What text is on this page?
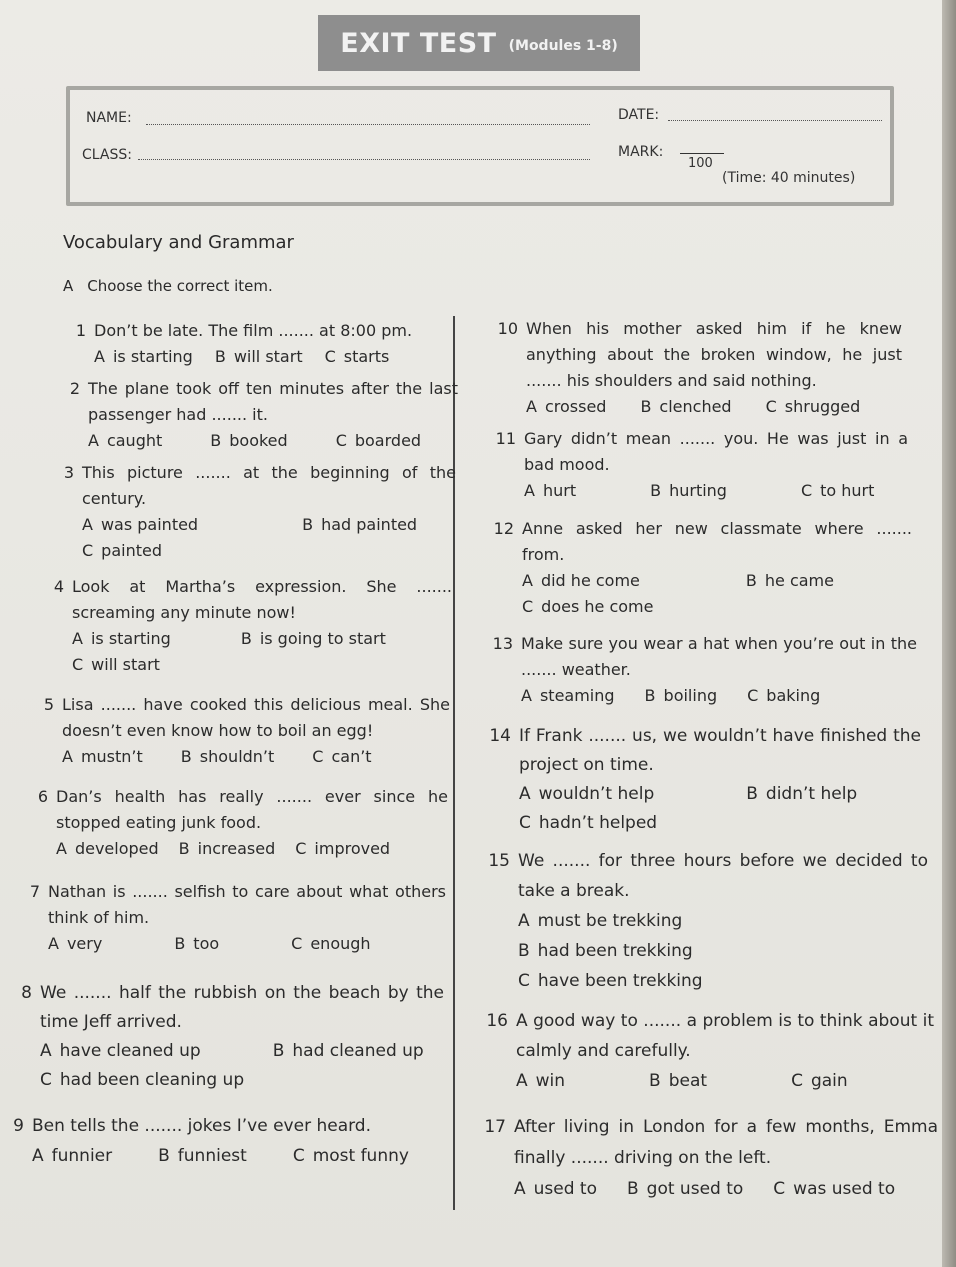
EXIT TEST (Modules 1-8)
NAME:	DATE:
CLASS:	MARK:
100
(Time: 40 minutes)
Vocabulary and Grammar
A Choose the correct item.
1 Don’t be late. The film ....... at 8:00 pm.
A is starting B will start C starts
2 The plane took off ten minutes after the last passenger had ....... it.
A caught	B booked	C boarded
3 This picture ....... at the beginning of the century.
A was painted	B had painted
C painted
4 Look at Martha’s expression. She ....... screaming any minute now!
A is starting	B is going to start
C will start
5 Lisa ....... have cooked this delicious meal. She doesn’t even know how to boil an egg!
A mustn’t B shouldn’t C can’t
6 Dan’s health has really ....... ever since he stopped eating junk food.
A developed B increased C improved
7 Nathan is ....... selfish to care about what others think of him.
A very	B too	C enough
8 We ....... half the rubbish on the beach by the time Jeff arrived.
A have cleaned up	B had cleaned up
C had been cleaning up
9 Ben tells the ....... jokes I’ve ever heard.
A funnier	B funniest	C most funny
10 When his mother asked him if he knew anything about the broken window, he just ....... his shoulders and said nothing.
A crossed B clenched C shrugged
11 Gary didn’t mean ....... you. He was just in a bad mood.
A hurt	B hurting	C to hurt
12 Anne asked her new classmate where ....... from.
A did he come	B he came
C does he come
13 Make sure you wear a hat when you’re out in the ....... weather.
A steaming B boiling C baking
14 If Frank ....... us, we wouldn’t have finished the project on time.
A wouldn’t help	B didn’t help
C hadn’t helped
15 We ....... for three hours before we decided to take a break.
A must be trekking
B had been trekking
C have been trekking
16 A good way to ....... a problem is to think about it calmly and carefully.
A win	B beat	C gain
17 After living in London for a few months, Emma finally ....... driving on the left.
A used to B got used to C was used to
